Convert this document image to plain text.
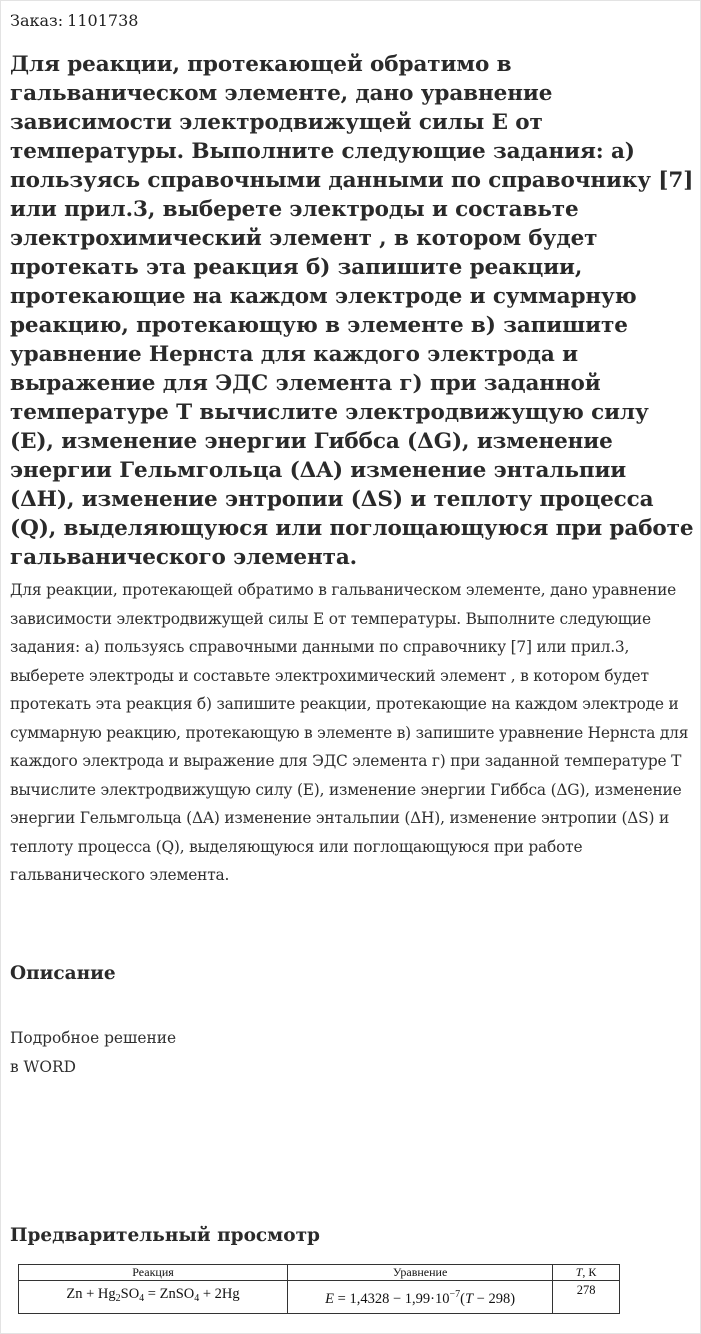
Заказ: 1101738
Для реакции, протекающей обратимо в гальваническом элементе, дано уравнение зависимости электродвижущей силы E от температуры. Выполните следующие задания: а) пользуясь справочными данными по справочнику [7] или прил.3, выберете электроды и составьте электрохимический элемент , в котором будет протекать эта реакция б) запишите реакции, протекающие на каждом электроде и суммарную реакцию, протекающую в элементе в) запишите уравнение Нернста для каждого электрода и выражение для ЭДС элемента г) при заданной температуре T вычислите электродвижущую силу (E), изменение энергии Гиббса (ΔG), изменение энергии Гельмгольца (ΔA) изменение энтальпии (ΔH), изменение энтропии (ΔS) и теплоту процесса (Q), выделяющуюся или поглощающуюся при работе гальванического элемента.

Для реакции, протекающей обратимо в гальваническом элементе, дано уравнение зависимости электродвижущей силы E от температуры. Выполните следующие задания: а) пользуясь справочными данными по справочнику [7] или прил.3, выберете электроды и составьте электрохимический элемент , в котором будет протекать эта реакция б) запишите реакции, протекающие на каждом электроде и суммарную реакцию, протекающую в элементе в) запишите уравнение Нернста для каждого электрода и выражение для ЭДС элемента г) при заданной температуре T вычислите электродвижущую силу (E), изменение энергии Гиббса (ΔG), изменение энергии Гельмгольца (ΔA) изменение энтальпии (ΔH), изменение энтропии (ΔS) и теплоту процесса (Q), выделяющуюся или поглощающуюся при работе гальванического элемента.

Описание
Подробное решение
в WORD
Предварительный просмотр
Реакция	Уравнение	T, К
$Zn + Hg_2SO_4$ = ZnSO$_4$ + 2Hg	$E = 1,4328 - 1,99\cdot 10^{-7}(T - 298)$	278
